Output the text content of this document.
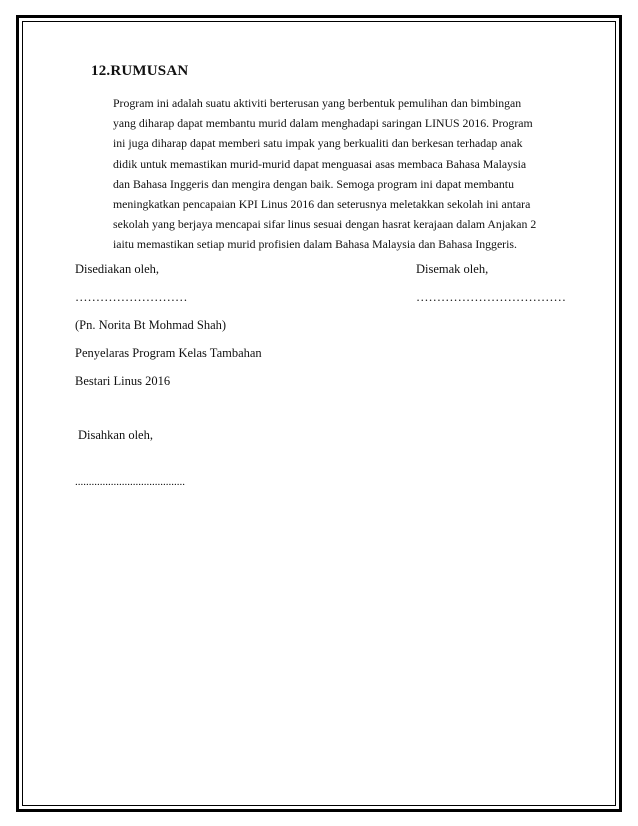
12.RUMUSAN
Program ini adalah suatu aktiviti berterusan yang berbentuk pemulihan dan bimbingan
yang diharap dapat membantu murid dalam menghadapi saringan LINUS 2016. Program
ini juga diharap dapat memberi satu impak yang berkualiti dan berkesan terhadap anak
didik untuk memastikan murid-murid dapat menguasai asas membaca Bahasa Malaysia
dan Bahasa Inggeris dan mengira dengan baik. Semoga program ini dapat membantu
meningkatkan pencapaian KPI Linus 2016 dan seterusnya meletakkan sekolah ini antara
sekolah yang berjaya mencapai sifar linus sesuai dengan hasrat kerajaan dalam Anjakan 2
iaitu memastikan setiap murid profisien dalam Bahasa Malaysia dan Bahasa Inggeris.
Disediakan oleh,
………………………
(Pn. Norita Bt Mohmad Shah)
Penyelaras Program Kelas Tambahan
Bestari Linus 2016
Disemak oleh,
………………………………
Disahkan oleh,
........................................
